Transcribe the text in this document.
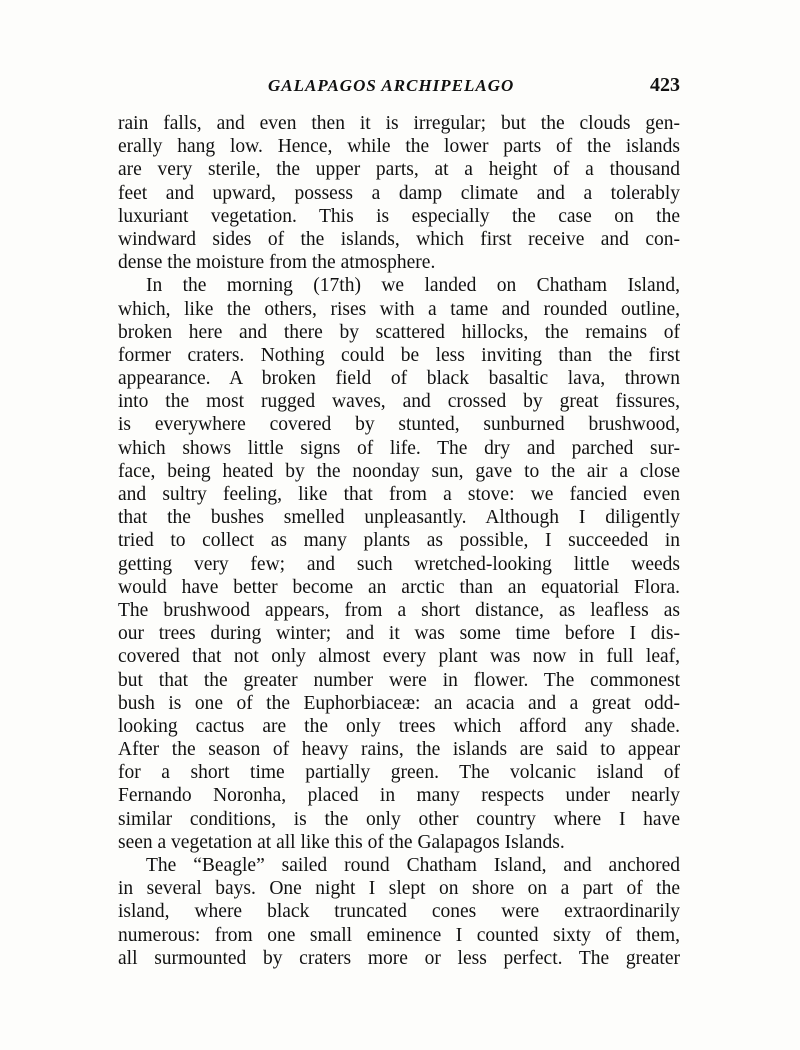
GALAPAGOS ARCHIPELAGO	423
rain falls, and even then it is irregular; but the clouds gen-
erally hang low. Hence, while the lower parts of the islands
are very sterile, the upper parts, at a height of a thousand
feet and upward, possess a damp climate and a tolerably
luxuriant vegetation. This is especially the case on the
windward sides of the islands, which first receive and con-
dense the moisture from the atmosphere.
In the morning (17th) we landed on Chatham Island,
which, like the others, rises with a tame and rounded outline,
broken here and there by scattered hillocks, the remains of
former craters. Nothing could be less inviting than the first
appearance. A broken field of black basaltic lava, thrown
into the most rugged waves, and crossed by great fissures,
is everywhere covered by stunted, sunburned brushwood,
which shows little signs of life. The dry and parched sur-
face, being heated by the noonday sun, gave to the air a close
and sultry feeling, like that from a stove: we fancied even
that the bushes smelled unpleasantly. Although I diligently
tried to collect as many plants as possible, I succeeded in
getting very few; and such wretched-looking little weeds
would have better become an arctic than an equatorial Flora.
The brushwood appears, from a short distance, as leafless as
our trees during winter; and it was some time before I dis-
covered that not only almost every plant was now in full leaf,
but that the greater number were in flower. The commonest
bush is one of the Euphorbiaceæ: an acacia and a great odd-
looking cactus are the only trees which afford any shade.
After the season of heavy rains, the islands are said to appear
for a short time partially green. The volcanic island of
Fernando Noronha, placed in many respects under nearly
similar conditions, is the only other country where I have
seen a vegetation at all like this of the Galapagos Islands.
The “Beagle” sailed round Chatham Island, and anchored
in several bays. One night I slept on shore on a part of the
island, where black truncated cones were extraordinarily
numerous: from one small eminence I counted sixty of them,
all surmounted by craters more or less perfect. The greater
